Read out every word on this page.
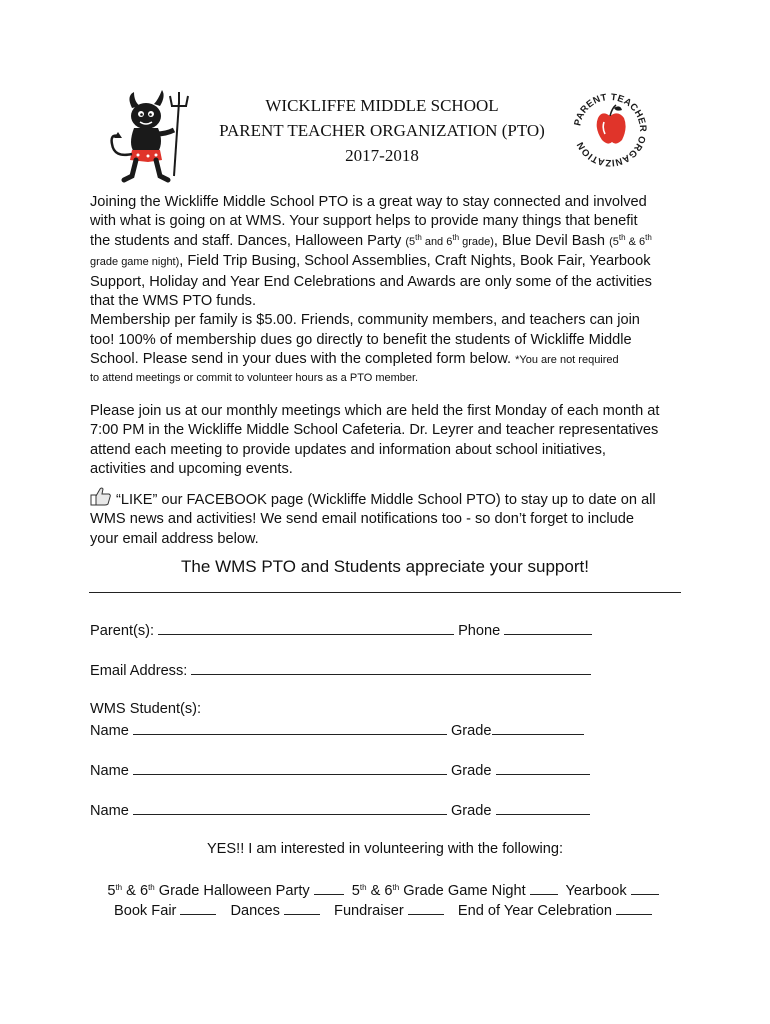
PARENT TEACHER ORGANIZATION
WICKLIFFE MIDDLE SCHOOL
PARENT TEACHER ORGANIZATION (PTO)
2017-2018
Joining the Wickliffe Middle School PTO is a great way to stay connected and involved
with what is going on at WMS. Your support helps to provide many things that benefit
the students and staff. Dances, Halloween Party (5th and 6th grade), Blue Devil Bash (5th & 6th
grade game night), Field Trip Busing, School Assemblies, Craft Nights, Book Fair, Yearbook
Support, Holiday and Year End Celebrations and Awards are only some of the activities
that the WMS PTO funds.
Membership per family is $5.00. Friends, community members, and teachers can join
too! 100% of membership dues go directly to benefit the students of Wickliffe Middle
School. Please send in your dues with the completed form below. *You are not required
to attend meetings or commit to volunteer hours as a PTO member.
Please join us at our monthly meetings which are held the first Monday of each month at
7:00 PM in the Wickliffe Middle School Cafeteria. Dr. Leyrer and teacher representatives
attend each meeting to provide updates and information about school initiatives,
activities and upcoming events.
“LIKE” our FACEBOOK page (Wickliffe Middle School PTO) to stay up to date on all
WMS news and activities! We send email notifications too - so don’t forget to include
your email address below.
The WMS PTO and Students appreciate your support!
Parent(s):	Phone
Email Address:
WMS Student(s):
Name	Grade
Name	Grade
Name	Grade
YES!! I am interested in volunteering with the following:
5th & 6th Grade Halloween Party	5th & 6th Grade Game Night	Yearbook
Book Fair	Dances	Fundraiser	End of Year Celebration
